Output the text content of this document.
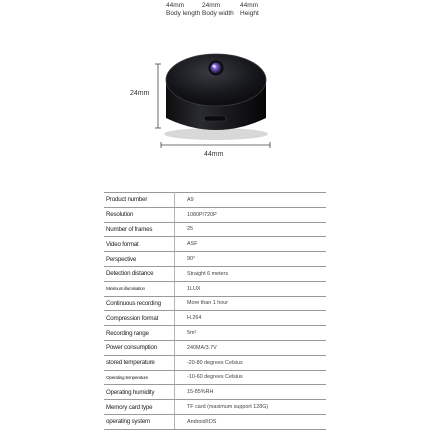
44mm
Body length
24mm
Body width
44mm
Height
24mm
44mm
Product number	A9
Resolution	1080P/720P
Number of frames	25
Video format	ASF
Perspective	90°
Detection distance	Straight 6 meters
Minimum illumination	1LUX
Continuous recording	More than 1 hour
Compression format	H.264
Recording range	5m²
Power consumption	240MA/3.7V
stored temperature	-20-80 degrees Celsius
Operating temperature	-10-60 degrees Celsius
Operating humidity	15-85%RH
Memory card type	TF card (maximum support 128G)
operating system	Android/IOS
